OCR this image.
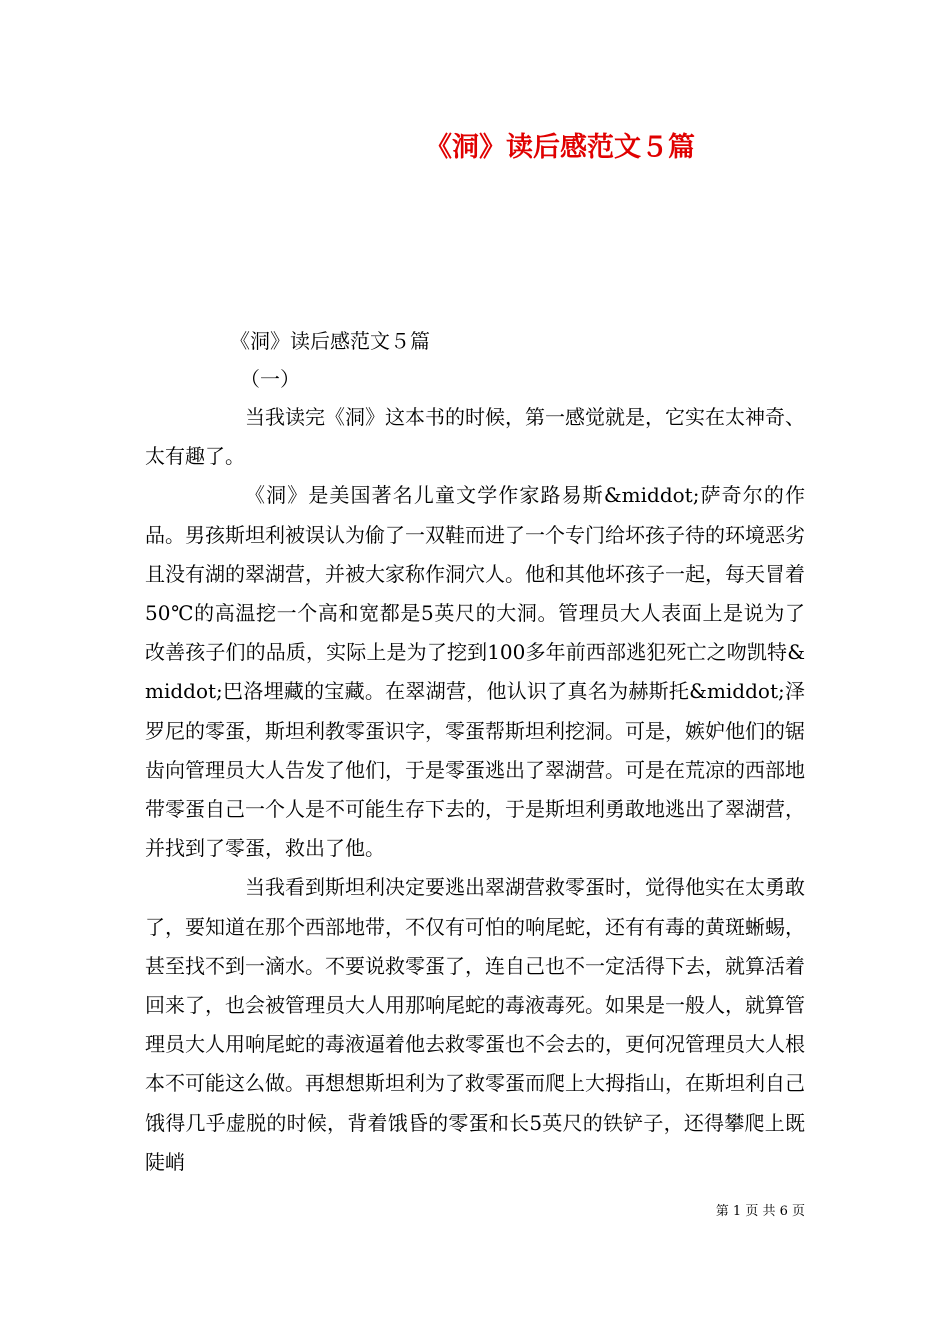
《洞》读后感范文５篇
《洞》读后感范文５篇
（一）

当我读完《洞》这本书的时候，第一感觉就是，它实在太神奇、太有趣了。

《洞》是美国著名儿童文学作家路易斯&middot;萨奇尔的作品。男孩斯坦利被误认为偷了一双鞋而进了一个专门给坏孩子待的环境恶劣且没有湖的翠湖营，并被大家称作洞穴人。他和其他坏孩子一起，每天冒着50℃的高温挖一个高和宽都是5英尺的大洞。管理员大人表面上是说为了改善孩子们的品质，实际上是为了挖到100多年前西部逃犯死亡之吻凯特&middot;巴洛埋藏的宝藏。在翠湖营，他认识了真名为赫斯托&middot;泽罗尼的零蛋，斯坦利教零蛋识字，零蛋帮斯坦利挖洞。可是，嫉妒他们的锯齿向管理员大人告发了他们，于是零蛋逃出了翠湖营。可是在荒凉的西部地带零蛋自己一个人是不可能生存下去的，于是斯坦利勇敢地逃出了翠湖营，并找到了零蛋，救出了他。

当我看到斯坦利决定要逃出翠湖营救零蛋时，觉得他实在太勇敢了，要知道在那个西部地带，不仅有可怕的响尾蛇，还有有毒的黄斑蜥蜴，甚至找不到一滴水。不要说救零蛋了，连自己也不一定活得下去，就算活着回来了，也会被管理员大人用那响尾蛇的毒液毒死。如果是一般人，就算管理员大人用响尾蛇的毒液逼着他去救零蛋也不会去的，更何况管理员大人根本不可能这么做。再想想斯坦利为了救零蛋而爬上大拇指山，在斯坦利自己饿得几乎虚脱的时候，背着饿昏的零蛋和长5英尺的铁铲子，还得攀爬上既陡峭

第 1 页 共 6 页
